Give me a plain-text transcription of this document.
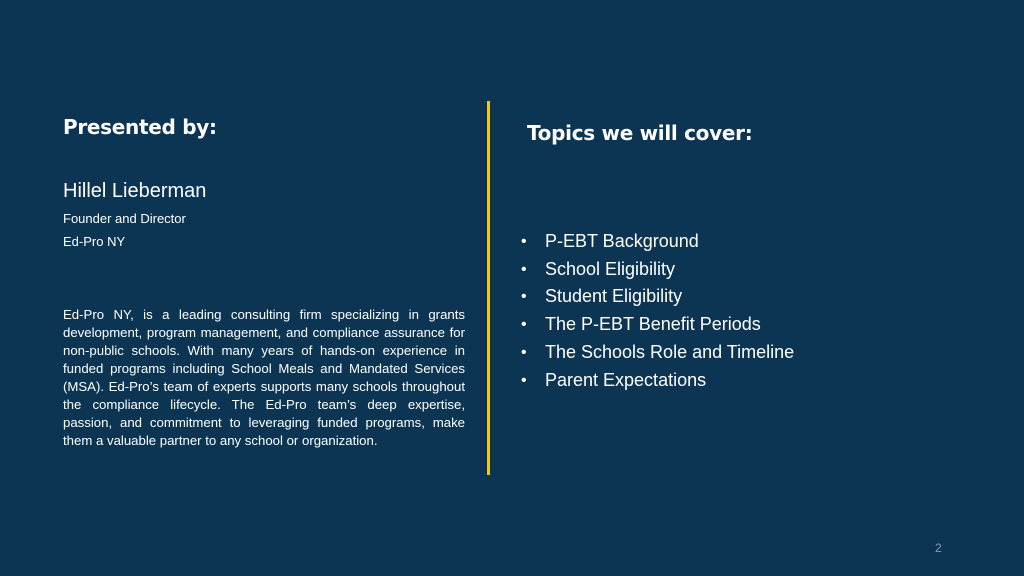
Presented by:
Hillel Lieberman
Founder and Director
Ed-Pro NY

Ed-Pro NY, is a leading consulting firm specializing in grants development, program management, and compliance assurance for non-public schools. With many years of hands-on experience in funded programs including School Meals and Mandated Services (MSA). Ed-Pro’s team of experts supports many schools throughout the compliance lifecycle. The Ed-Pro team’s deep expertise, passion, and commitment to leveraging funded programs, make them a valuable partner to any school or organization.

Topics we will cover:
• P-EBT Background
• School Eligibility
• Student Eligibility
• The P-EBT Benefit Periods
• The Schools Role and Timeline
• Parent Expectations
2
